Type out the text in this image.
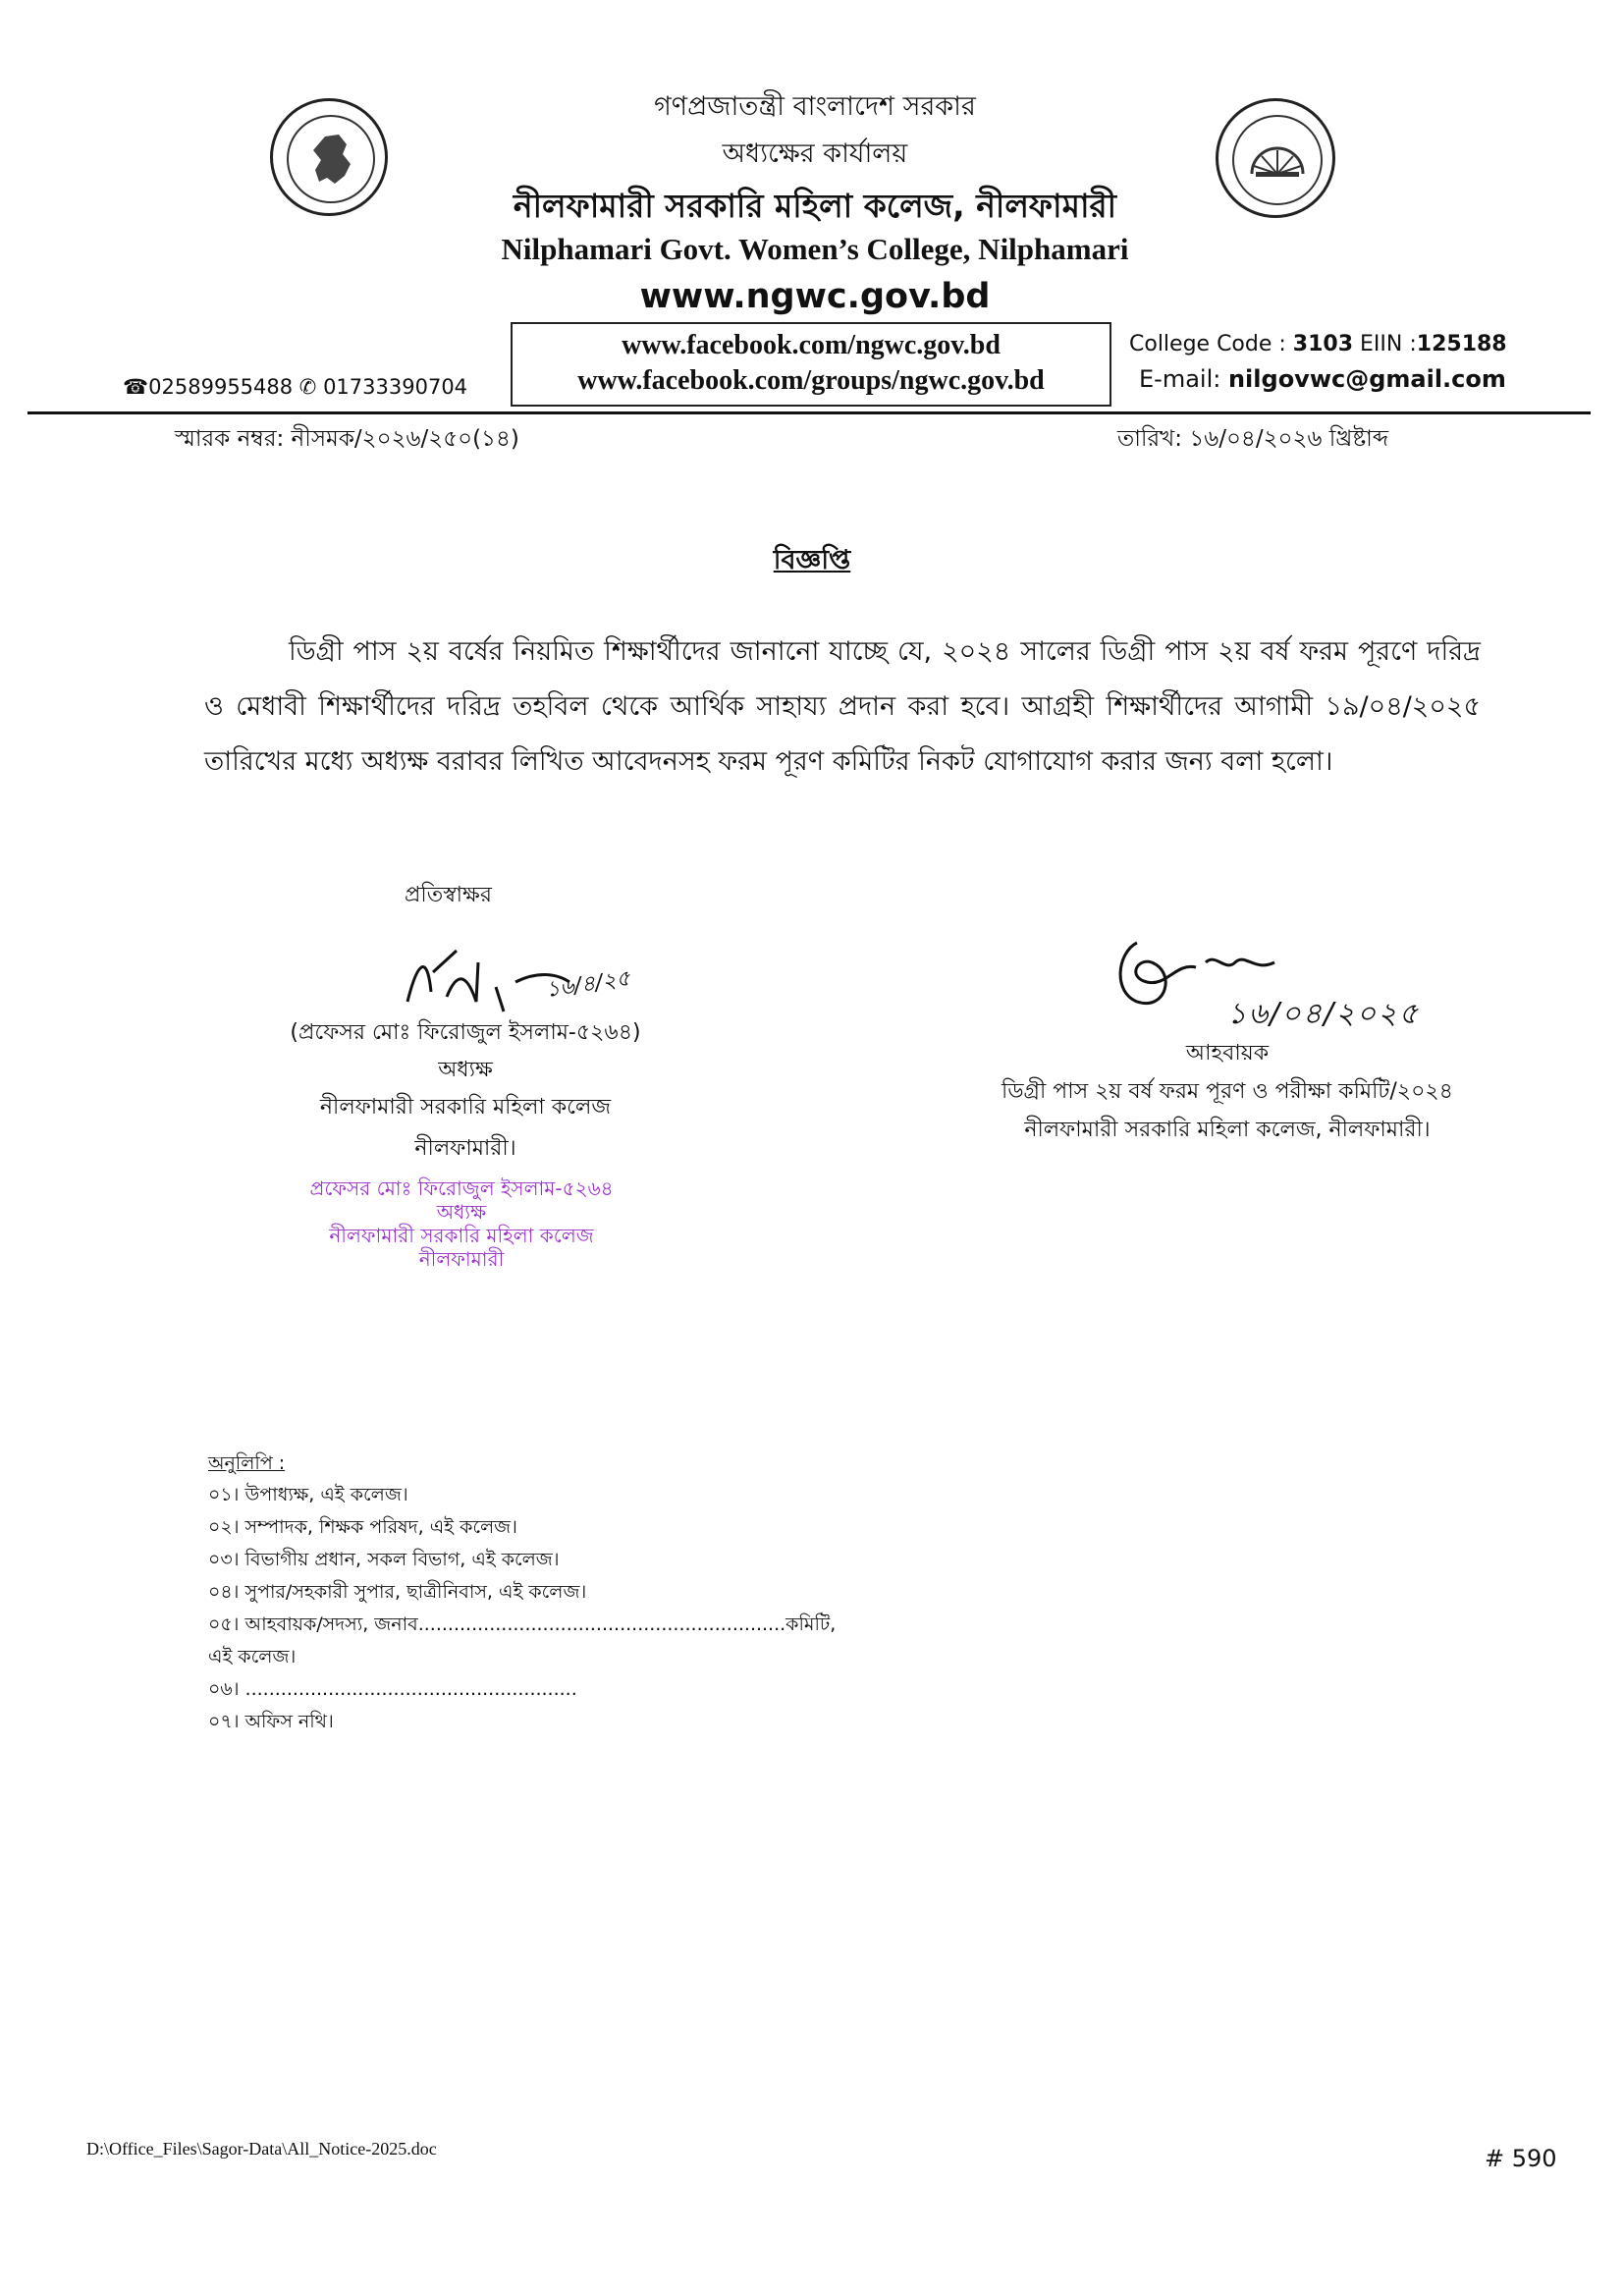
গণপ্রজাতন্ত্রী বাংলাদেশ সরকার
অধ্যক্ষের কার্যালয়
নীলফামারী সরকারি মহিলা কলেজ, নীলফামারী
Nilphamari Govt. Women’s College, Nilphamari
www.ngwc.gov.bd
www.facebook.com/ngwc.gov.bd
www.facebook.com/groups/ngwc.gov.bd
☎02589955488 ✆ 01733390704
College Code : 3103 EIIN :125188
E-mail: nilgovwc@gmail.com
স্মারক নম্বর: নীসমক/২০২৬/২৫০(১৪)	তারিখ: ১৬/০৪/২০২৬ খ্রিষ্টাব্দ
বিজ্ঞপ্তি
ডিগ্রী পাস ২য় বর্ষের নিয়মিত শিক্ষার্থীদের জানানো যাচ্ছে যে, ২০২৪ সালের ডিগ্রী পাস ২য় বর্ষ ফরম পূরণে দরিদ্র ও মেধাবী শিক্ষার্থীদের দরিদ্র তহবিল থেকে আর্থিক সাহায্য প্রদান করা হবে। আগ্রহী শিক্ষার্থীদের আগামী ১৯/০৪/২০২৫ তারিখের মধ্যে অধ্যক্ষ বরাবর লিখিত আবেদনসহ ফরম পূরণ কমিটির নিকট যোগাযোগ করার জন্য বলা হলো।
প্রতিস্বাক্ষর
১৬/৪/২৫
(প্রফেসর মোঃ ফিরোজুল ইসলাম-৫২৬৪)
অধ্যক্ষ
নীলফামারী সরকারি মহিলা কলেজ
নীলফামারী।
প্রফেসর মোঃ ফিরোজুল ইসলাম-৫২৬৪
অধ্যক্ষ
নীলফামারী সরকারি মহিলা কলেজ
নীলফামারী
১৬/০৪/২০২৫
আহবায়ক
ডিগ্রী পাস ২য় বর্ষ ফরম পূরণ ও পরীক্ষা কমিটি/২০২৪
নীলফামারী সরকারি মহিলা কলেজ, নীলফামারী।
অনুলিপি :
০১। উপাধ্যক্ষ, এই কলেজ।
০২। সম্পাদক, শিক্ষক পরিষদ, এই কলেজ।
০৩। বিভাগীয় প্রধান, সকল বিভাগ, এই কলেজ।
০৪। সুপার/সহকারী সুপার, ছাত্রীনিবাস, এই কলেজ।
০৫। আহবায়ক/সদস্য, জনাব..............................................................কমিটি,
এই কলেজ।
০৬। ........................................................
০৭। অফিস নথি।
D:\Office_Files\Sagor-Data\All_Notice-2025.doc	# 590
